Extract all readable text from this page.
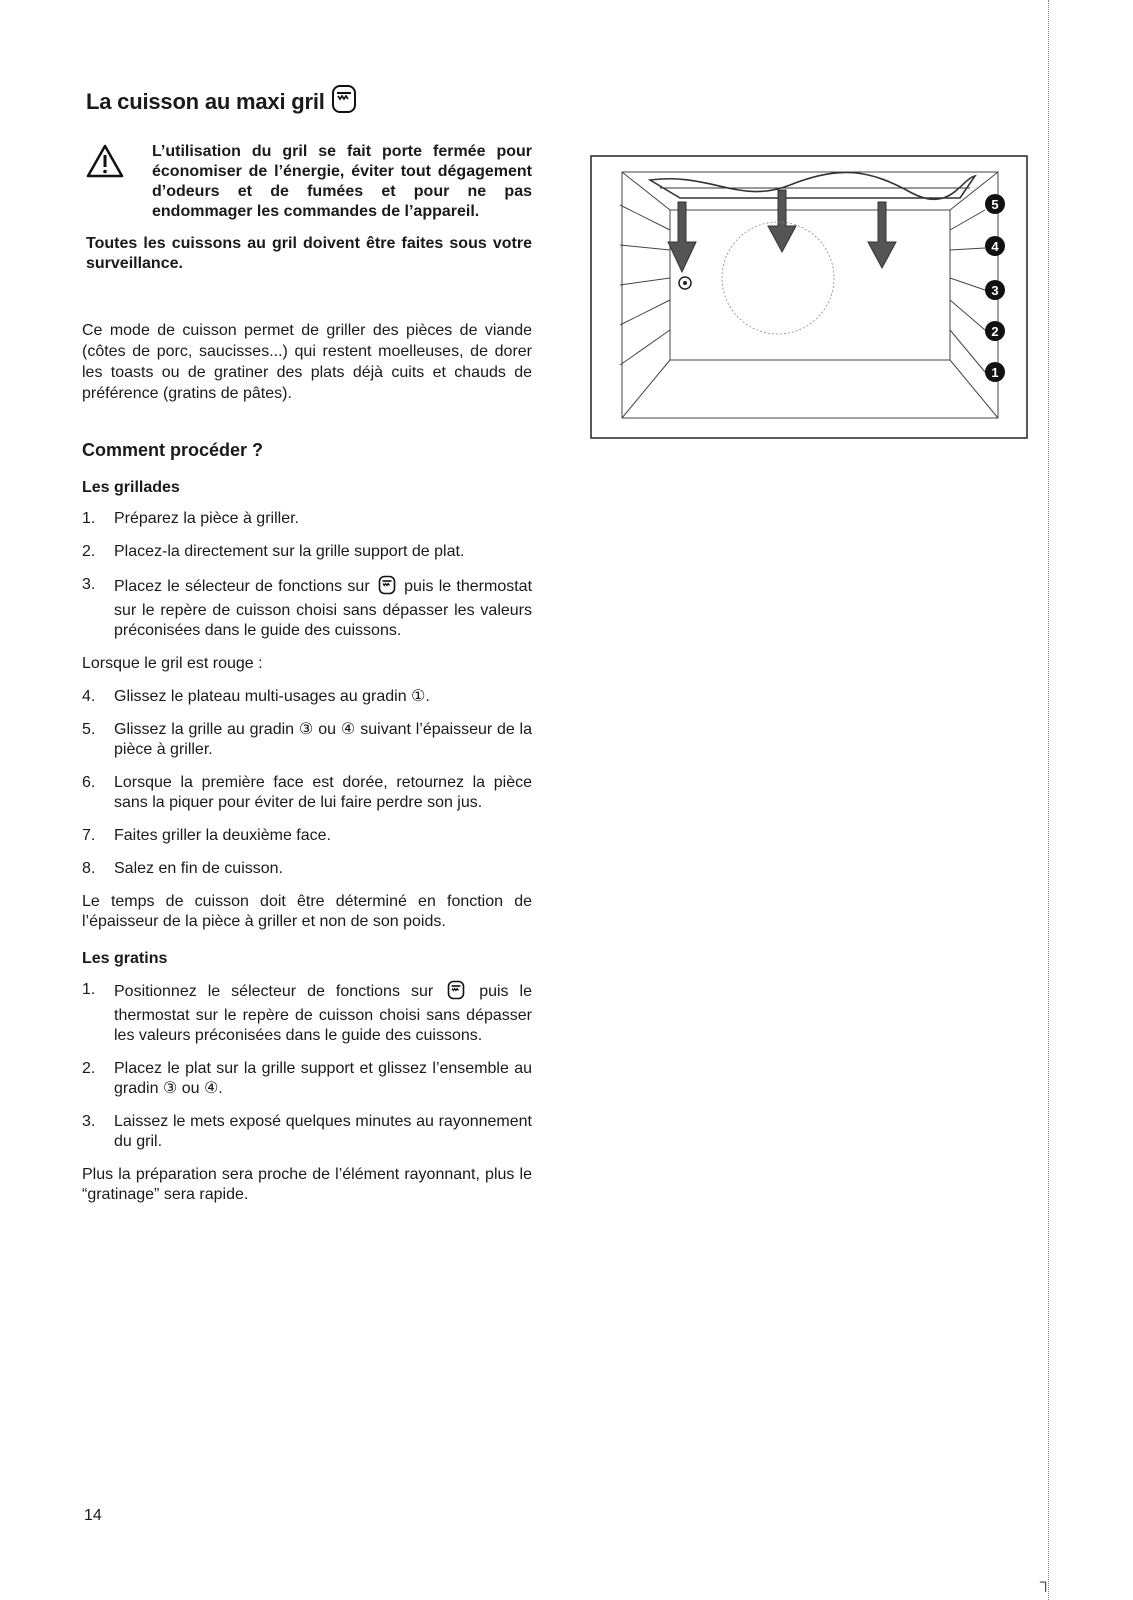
La cuisson au maxi gril
L’utilisation du gril se fait porte fermée pour économiser de l’énergie, éviter tout dégagement d’odeurs et de fumées et pour ne pas endommager les commandes de l’appareil.

Toutes les cuissons au gril doivent être faites sous votre surveillance.

Ce mode de cuisson permet de griller des pièces de viande (côtes de porc, saucisses...) qui restent moelleuses, de dorer les toasts ou de gratiner des plats déjà cuits et chauds de préférence (gratins de pâtes).

Comment procéder ?
Les grillades
1.	Préparez la pièce à griller.
2.	Placez-la directement sur la grille support de plat.
3.	Placez le sélecteur de fonctions sur puis le thermostat sur le repère de cuisson choisi sans dépasser les valeurs préconisées dans le guide des cuissons.

Lorsque le gril est rouge :

4.	Glissez le plateau multi-usages au gradin ①.
5.	Glissez la grille au gradin ③ ou ④ suivant l’épaisseur de la pièce à griller.
6.	Lorsque la première face est dorée, retournez la pièce sans la piquer pour éviter de lui faire perdre son jus.
7.	Faites griller la deuxième face.
8.	Salez en fin de cuisson.

Le temps de cuisson doit être déterminé en fonction de l’épaisseur de la pièce à griller et non de son poids.

Les gratins
1.	Positionnez le sélecteur de fonctions sur	puis le thermostat sur le repère de cuisson choisi sans dépasser les valeurs préconisées dans le guide des cuissons.
2.	Placez le plat sur la grille support et glissez l’ensemble au gradin ③ ou ④.
3.	Laissez le mets exposé quelques minutes au rayonnement du gril.

Plus la préparation sera proche de l’élément rayonnant, plus le “gratinage” sera rapide.

5
4
3
2
1
14
┐
